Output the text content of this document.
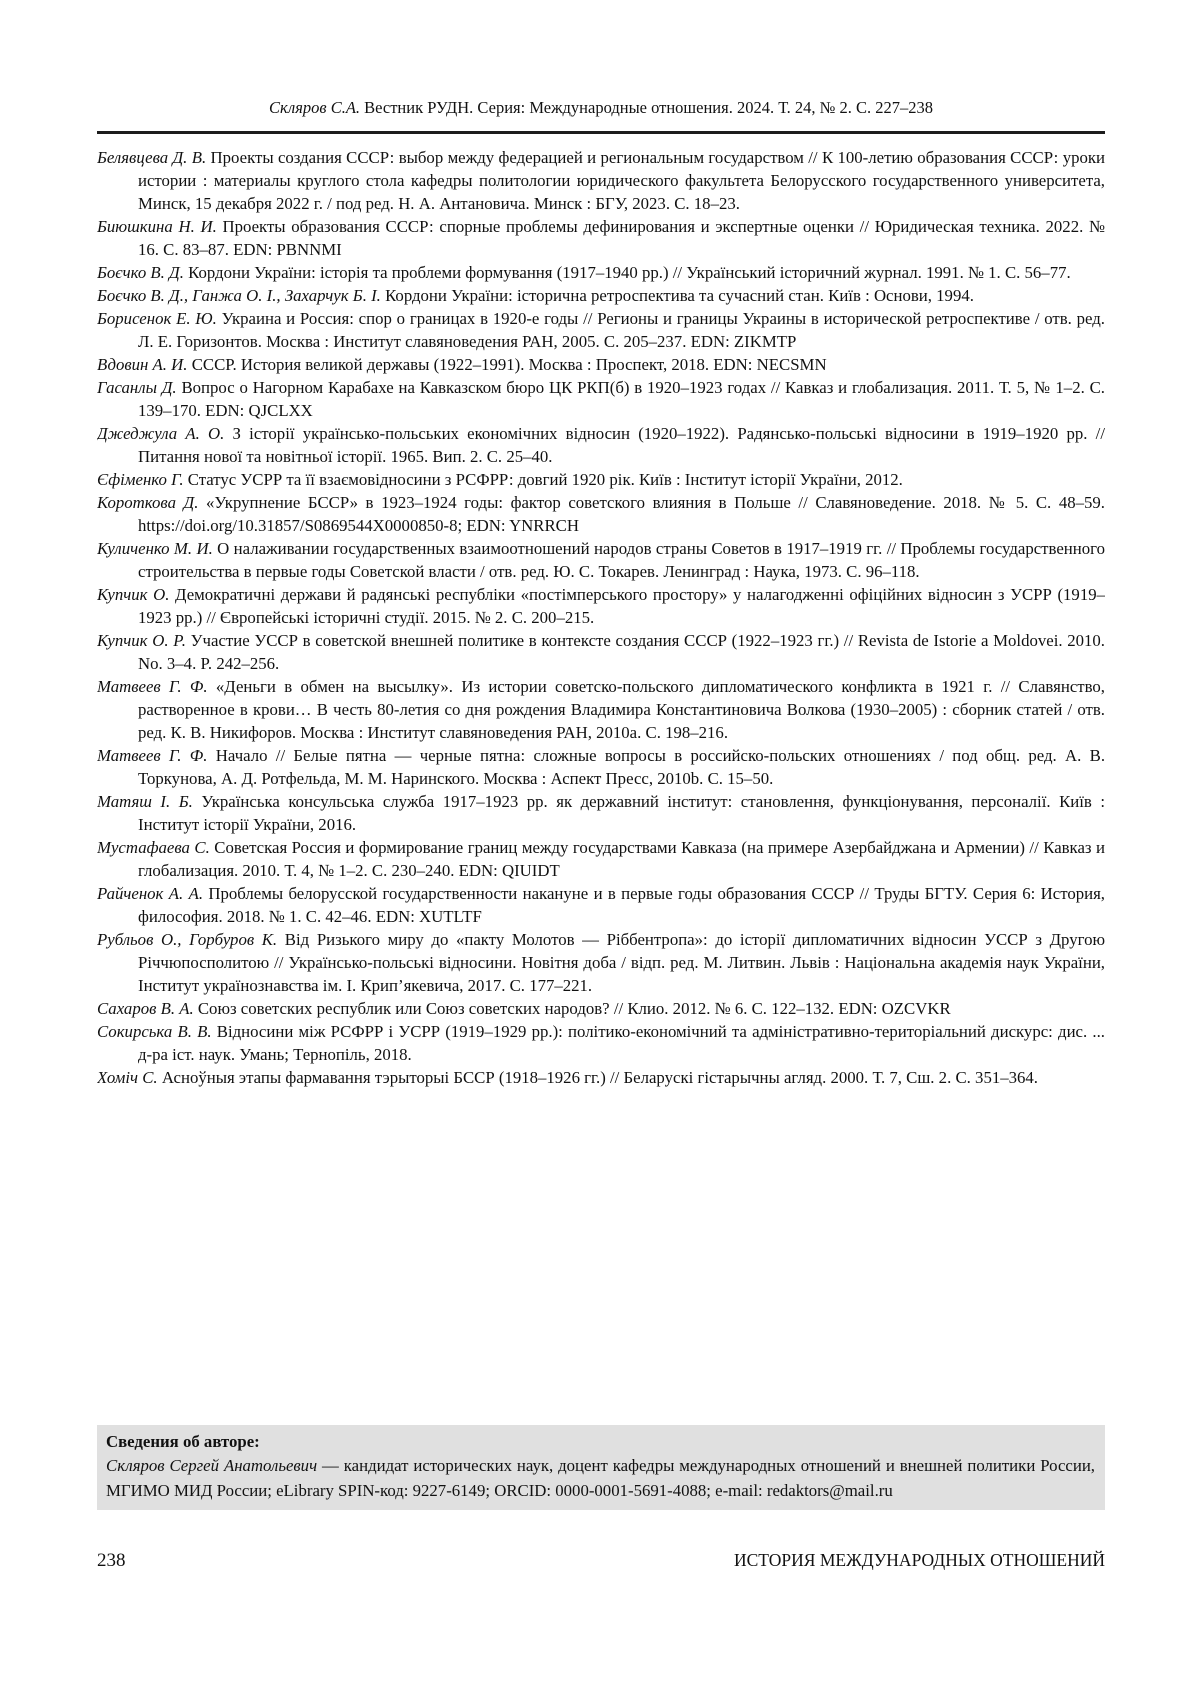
Скляров С.А. Вестник РУДН. Серия: Международные отношения. 2024. Т. 24, № 2. С. 227–238

Белявцева Д. В. Проекты создания СССР: выбор между федерацией и региональным государством // К 100-летию образования СССР: уроки истории : материалы круглого стола кафедры политологии юридического факультета Белорусского государственного университета, Минск, 15 декабря 2022 г. / под ред. Н. А. Антановича. Минск : БГУ, 2023. С. 18–23.

Биюшкина Н. И. Проекты образования СССР: спорные проблемы дефинирования и экспертные оценки // Юридическая техника. 2022. № 16. С. 83–87. EDN: PBNNMI

Боєчко В. Д. Кордони України: історія та проблеми формування (1917–1940 рр.) // Український історичний журнал. 1991. № 1. С. 56–77.

Боєчко В. Д., Ганжа О. І., Захарчук Б. І. Кордони України: історична ретроспектива та сучасний стан. Київ : Основи, 1994.

Борисенок Е. Ю. Украина и Россия: спор о границах в 1920-е годы // Регионы и границы Украины в исторической ретроспективе / отв. ред. Л. Е. Горизонтов. Москва : Институт славяноведения РАН, 2005. С. 205–237. EDN: ZIKMTP

Вдовин А. И. СССР. История великой державы (1922–1991). Москва : Проспект, 2018. EDN: NECSMN

Гасанлы Д. Вопрос о Нагорном Карабахе на Кавказском бюро ЦК РКП(б) в 1920–1923 годах // Кавказ и глобализация. 2011. Т. 5, № 1–2. С. 139–170. EDN: QJCLXX

Джеджула А. О. З історії українсько-польських економічних відносин (1920–1922). Радянсько-польські відносини в 1919–1920 рр. // Питання нової та новітньої історії. 1965. Вип. 2. С. 25–40.

Єфіменко Г. Статус УСРР та її взаємовідносини з РСФРР: довгий 1920 рік. Київ : Інститут історії України, 2012.

Короткова Д. «Укрупнение БССР» в 1923–1924 годы: фактор советского влияния в Польше // Славяноведение. 2018. № 5. С. 48–59. https://doi.org/10.31857/S0869544X0000850-8; EDN: YNRRCH

Куличенко М. И. О налаживании государственных взаимоотношений народов страны Советов в 1917–1919 гг. // Проблемы государственного строительства в первые годы Советской власти / отв. ред. Ю. С. Токарев. Ленинград : Наука, 1973. С. 96–118.

Купчик О. Демократичні держави й радянські республіки «постімперського простору» у налагодженні офіційних відносин з УСРР (1919–1923 рр.) // Європейські історичні студії. 2015. № 2. С. 200–215.

Купчик О. Р. Участие УССР в советской внешней политике в контексте создания СССР (1922–1923 гг.) // Revista de Istorie a Moldovei. 2010. No. 3–4. P. 242–256.

Матвеев Г. Ф. «Деньги в обмен на высылку». Из истории советско-польского дипломатического конфликта в 1921 г. // Славянство, растворенное в крови… В честь 80-летия со дня рождения Владимира Константиновича Волкова (1930–2005) : сборник статей / отв. ред. К. В. Никифоров. Москва : Институт славяноведения РАН, 2010a. С. 198–216.

Матвеев Г. Ф. Начало // Белые пятна — черные пятна: сложные вопросы в российско-польских отношениях / под общ. ред. А. В. Торкунова, А. Д. Ротфельда, М. М. Наринского. Москва : Аспект Пресс, 2010b. С. 15–50.

Матяш І. Б. Українська консульська служба 1917–1923 рр. як державний інститут: становлення, функціонування, персоналії. Київ : Інститут історії України, 2016.

Мустафаева С. Советская Россия и формирование границ между государствами Кавказа (на примере Азербайджана и Армении) // Кавказ и глобализация. 2010. Т. 4, № 1–2. С. 230–240. EDN: QIUIDT

Райченок А. А. Проблемы белорусской государственности накануне и в первые годы образования СССР // Труды БГТУ. Серия 6: История, философия. 2018. № 1. С. 42–46. EDN: XUTLTF

Рубльов О., Горбуров К. Від Ризького миру до «пакту Молотов — Ріббентропа»: до історії дипломатичних відносин УССР з Другою Річчюпосполитою // Українсько-польські відносини. Новітня доба / відп. ред. М. Литвин. Львів : Національна академія наук України, Інститут українознавства ім. І. Крип’якевича, 2017. С. 177–221.

Сахаров В. А. Союз советских республик или Союз советских народов? // Клио. 2012. № 6. С. 122–132. EDN: OZCVKR

Сокирська В. В. Відносини між РСФРР і УСРР (1919–1929 рр.): політико-економічний та адміністративно-територіальний дискурс: дис. ... д-ра іст. наук. Умань; Тернопіль, 2018.

Хоміч С. Асноўныя этапы фармавання тэрыторыі БССР (1918–1926 гг.) // Беларускі гістарычны агляд. 2000. Т. 7, Сш. 2. С. 351–364.

Сведения об авторе:

Скляров Сергей Анатольевич — кандидат исторических наук, доцент кафедры международных отношений и внешней политики России, МГИМО МИД России; eLibrary SPIN-код: 9227-6149; ORCID: 0000-0001-5691-4088; e-mail: redaktors@mail.ru

238	ИСТОРИЯ МЕЖДУНАРОДНЫХ ОТНОШЕНИЙ
